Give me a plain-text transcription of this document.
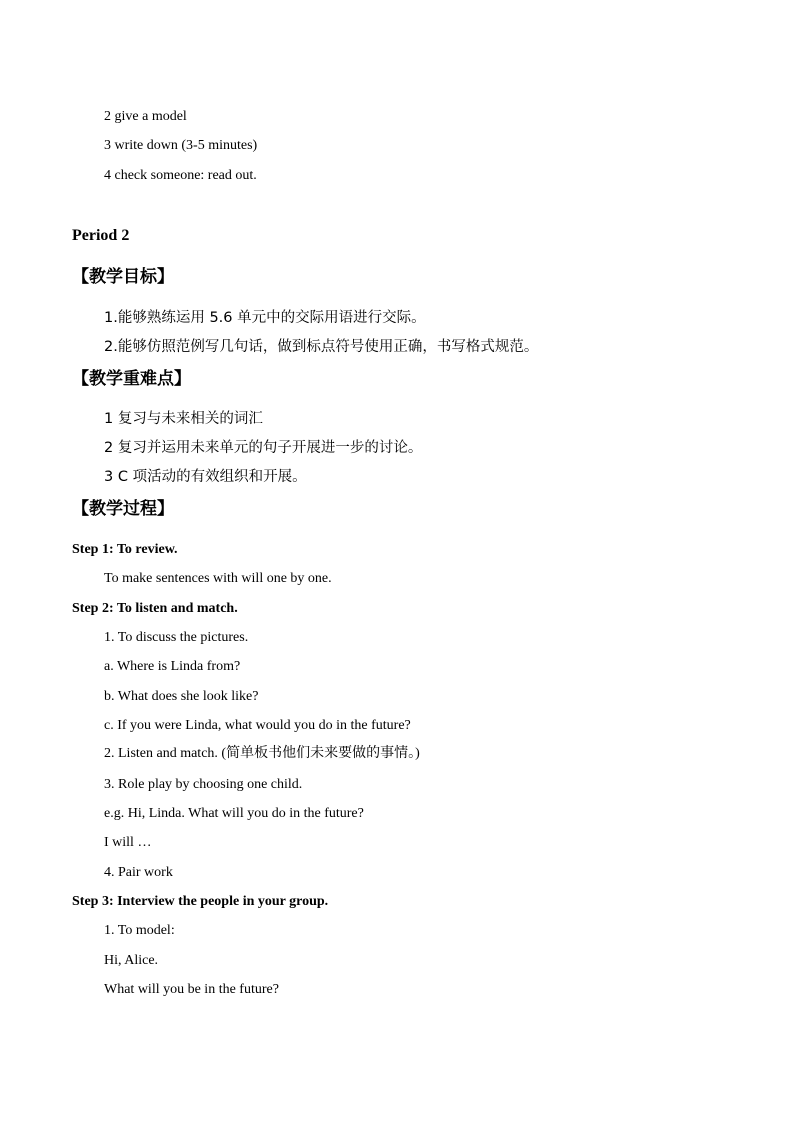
2 give a model
3 write down (3-5 minutes)
4 check someone: read out.
Period 2
【教学目标】
1.能够熟练运用 5.6 单元中的交际用语进行交际。
2.能够仿照范例写几句话，做到标点符号使用正确，书写格式规范。
【教学重难点】
1 复习与未来相关的词汇
2 复习并运用未来单元的句子开展进一步的讨论。
3 C 项活动的有效组织和开展。
【教学过程】
Step 1: To review.
To make sentences with will one by one.
Step 2: To listen and match.
1. To discuss the pictures.
a. Where is Linda from?
b. What does she look like?
c. If you were Linda, what would you do in the future?
2. Listen and match. (简单板书他们未来要做的事情。)
3. Role play by choosing one child.
e.g. Hi, Linda. What will you do in the future?
I will …
4. Pair work
Step 3: Interview the people in your group.
1. To model:
Hi, Alice.
What will you be in the future?
